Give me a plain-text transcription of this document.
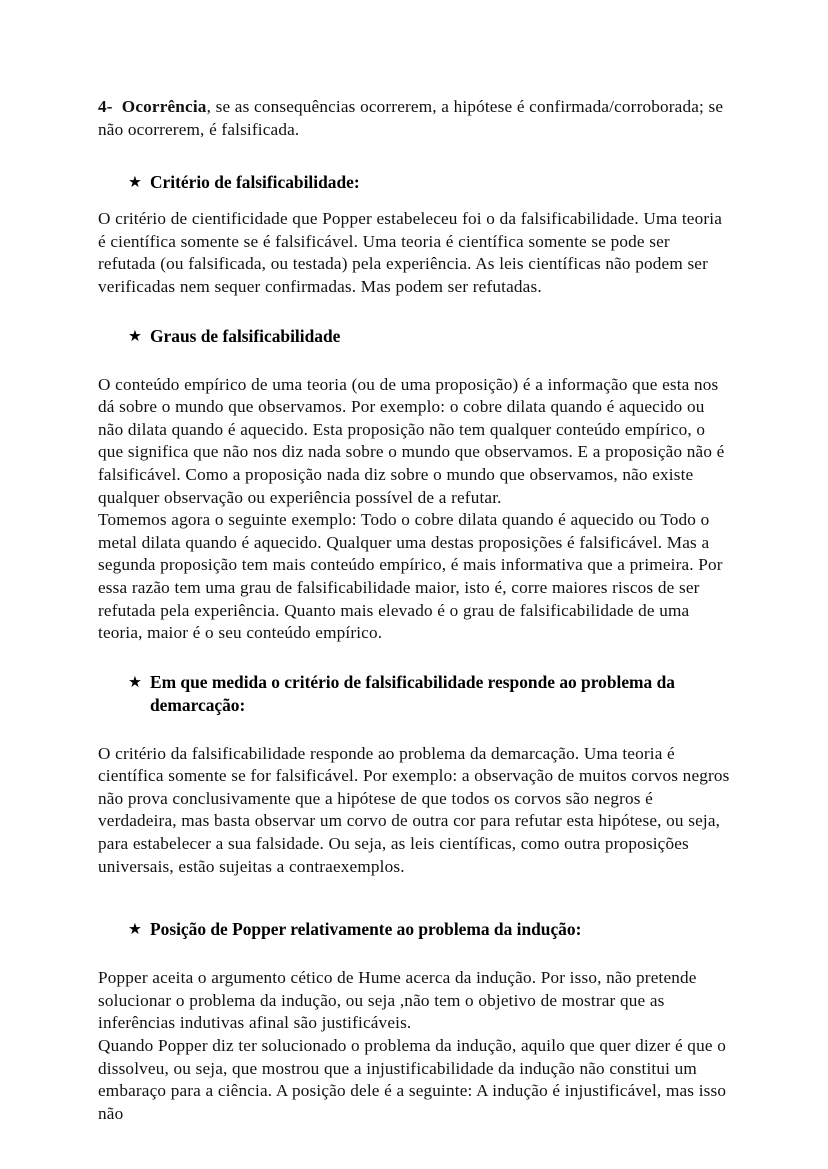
4- Ocorrência, se as consequências ocorrerem, a hipótese é confirmada/corroborada; se não ocorrerem, é falsificada.

★ Critério de falsificabilidade:

O critério de cientificidade que Popper estabeleceu foi o da falsificabilidade. Uma teoria é científica somente se é falsificável. Uma teoria é científica somente se pode ser refutada (ou falsificada, ou testada) pela experiência. As leis científicas não podem ser verificadas nem sequer confirmadas. Mas podem ser refutadas.

★ Graus de falsificabilidade

O conteúdo empírico de uma teoria (ou de uma proposição) é a informação que esta nos dá sobre o mundo que observamos. Por exemplo: o cobre dilata quando é aquecido ou não dilata quando é aquecido. Esta proposição não tem qualquer conteúdo empírico, o que significa que não nos diz nada sobre o mundo que observamos. E a proposição não é falsificável. Como a proposição nada diz sobre o mundo que observamos, não existe qualquer observação ou experiência possível de a refutar.

Tomemos agora o seguinte exemplo: Todo o cobre dilata quando é aquecido ou Todo o metal dilata quando é aquecido. Qualquer uma destas proposições é falsificável. Mas a segunda proposição tem mais conteúdo empírico, é mais informativa que a primeira. Por essa razão tem uma grau de falsificabilidade maior, isto é, corre maiores riscos de ser refutada pela experiência. Quanto mais elevado é o grau de falsificabilidade de uma teoria, maior é o seu conteúdo empírico.

★ Em que medida o critério de falsificabilidade responde ao problema da demarcação:

O critério da falsificabilidade responde ao problema da demarcação. Uma teoria é científica somente se for falsificável. Por exemplo: a observação de muitos corvos negros não prova conclusivamente que a hipótese de que todos os corvos são negros é verdadeira, mas basta observar um corvo de outra cor para refutar esta hipótese, ou seja, para estabelecer a sua falsidade. Ou seja, as leis científicas, como outra proposições universais, estão sujeitas a contraexemplos.

★ Posição de Popper relativamente ao problema da indução:

Popper aceita o argumento cético de Hume acerca da indução. Por isso, não pretende solucionar o problema da indução, ou seja ,não tem o objetivo de mostrar que as inferências indutivas afinal são justificáveis.

Quando Popper diz ter solucionado o problema da indução, aquilo que quer dizer é que o dissolveu, ou seja, que mostrou que a injustificabilidade da indução não constitui um embaraço para a ciência. A posição dele é a seguinte: A indução é injustificável, mas isso não
